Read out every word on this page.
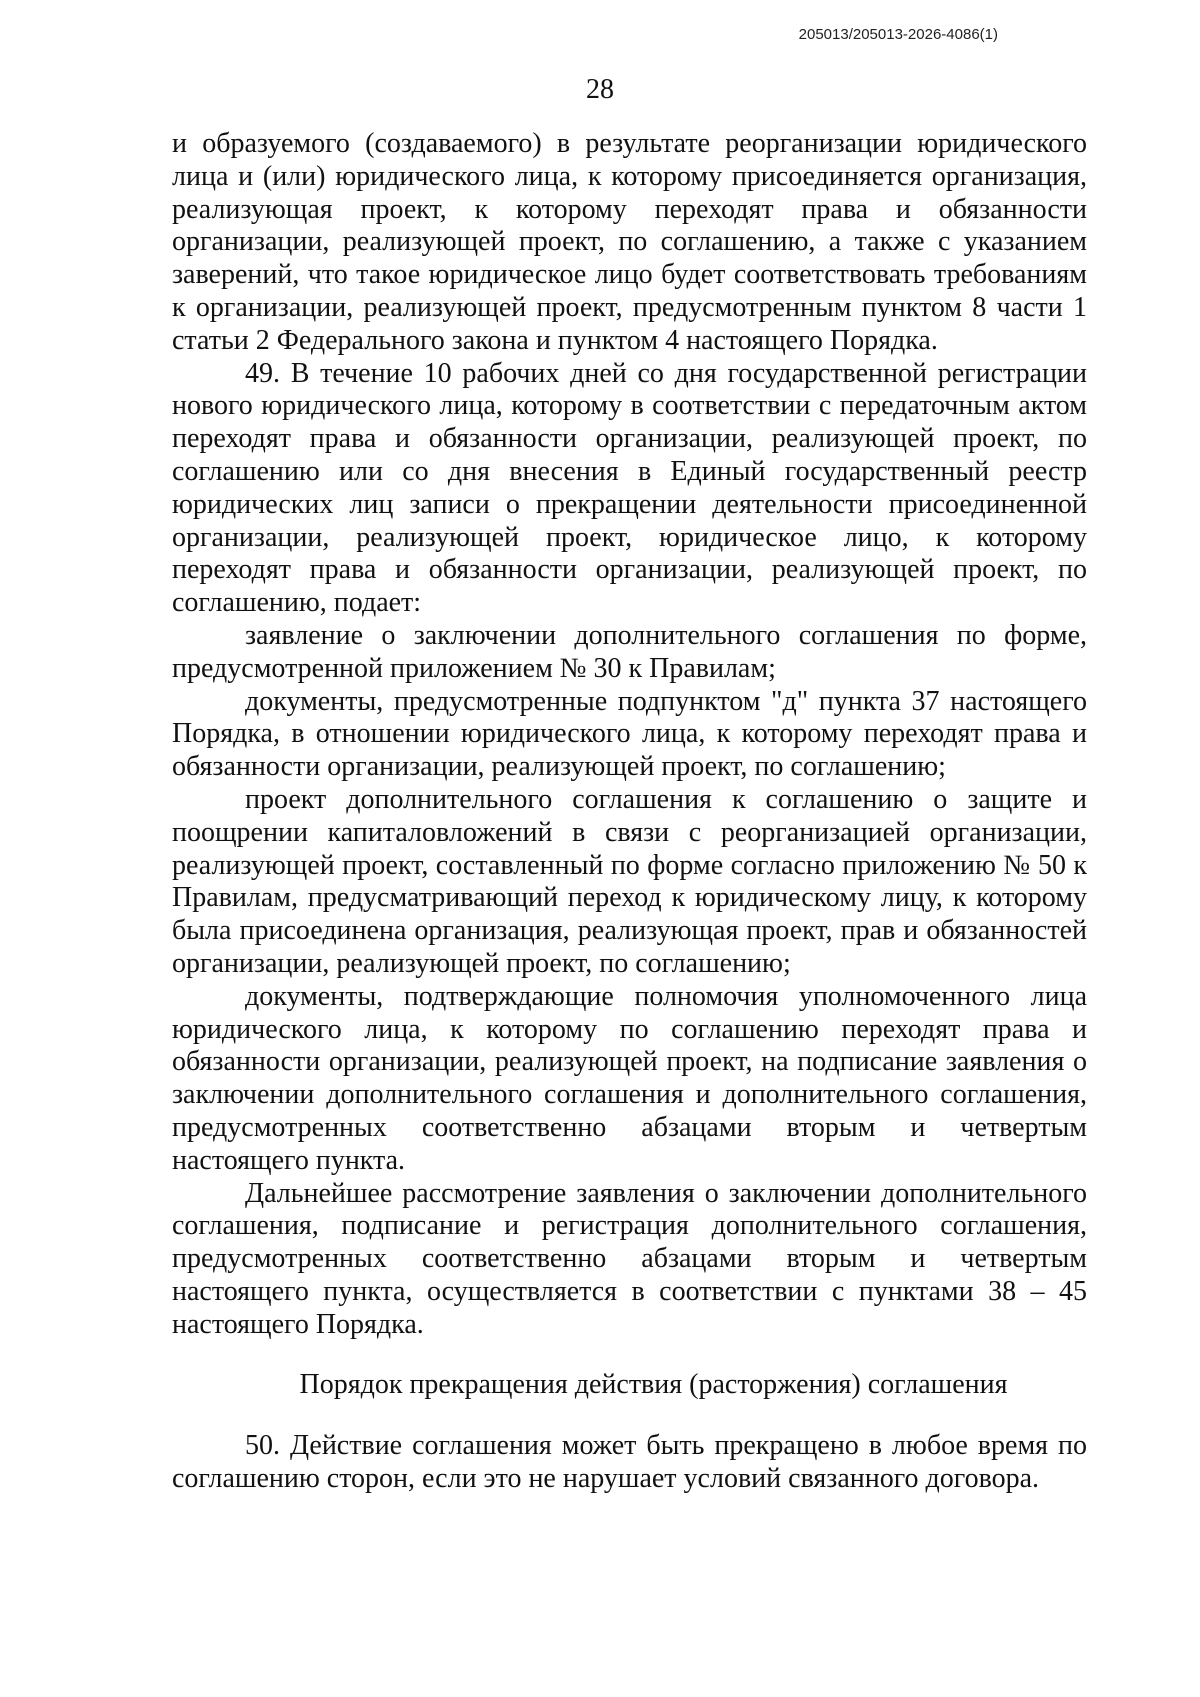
205013/205013-2026-4086(1)
28

и образуемого (создаваемого) в результате реорганизации юридического лица и (или) юридического лица, к которому присоединяется организация, реализующая проект, к которому переходят права и обязанности организации, реализующей проект, по соглашению, а также с указанием заверений, что такое юридическое лицо будет соответствовать требованиям к организации, реализующей проект, предусмотренным пунктом 8 части 1 статьи 2 Федерального закона и пунктом 4 настоящего Порядка.

49. В течение 10 рабочих дней со дня государственной регистрации нового юридического лица, которому в соответствии с передаточным актом переходят права и обязанности организации, реализующей проект, по соглашению или со дня внесения в Единый государственный реестр юридических лиц записи о прекращении деятельности присоединенной организации, реализующей проект, юридическое лицо, к которому переходят права и обязанности организации, реализующей проект, по соглашению, подает:

заявление о заключении дополнительного соглашения по форме, предусмотренной приложением № 30 к Правилам;

документы, предусмотренные подпунктом "д" пункта 37 настоящего Порядка, в отношении юридического лица, к которому переходят права и обязанности организации, реализующей проект, по соглашению;

проект дополнительного соглашения к соглашению о защите и поощрении капиталовложений в связи с реорганизацией организации, реализующей проект, составленный по форме согласно приложению № 50 к Правилам, предусматривающий переход к юридическому лицу, к которому была присоединена организация, реализующая проект, прав и обязанностей организации, реализующей проект, по соглашению;

документы, подтверждающие полномочия уполномоченного лица юридического лица, к которому по соглашению переходят права и обязанности организации, реализующей проект, на подписание заявления о заключении дополнительного соглашения и дополнительного соглашения, предусмотренных соответственно абзацами вторым и четвертым настоящего пункта.

Дальнейшее рассмотрение заявления о заключении дополнительного соглашения, подписание и регистрация дополнительного соглашения, предусмотренных соответственно абзацами вторым и четвертым настоящего пункта, осуществляется в соответствии с пунктами 38 – 45 настоящего Порядка.

Порядок прекращения действия (расторжения) соглашения

50. Действие соглашения может быть прекращено в любое время по соглашению сторон, если это не нарушает условий связанного договора.
